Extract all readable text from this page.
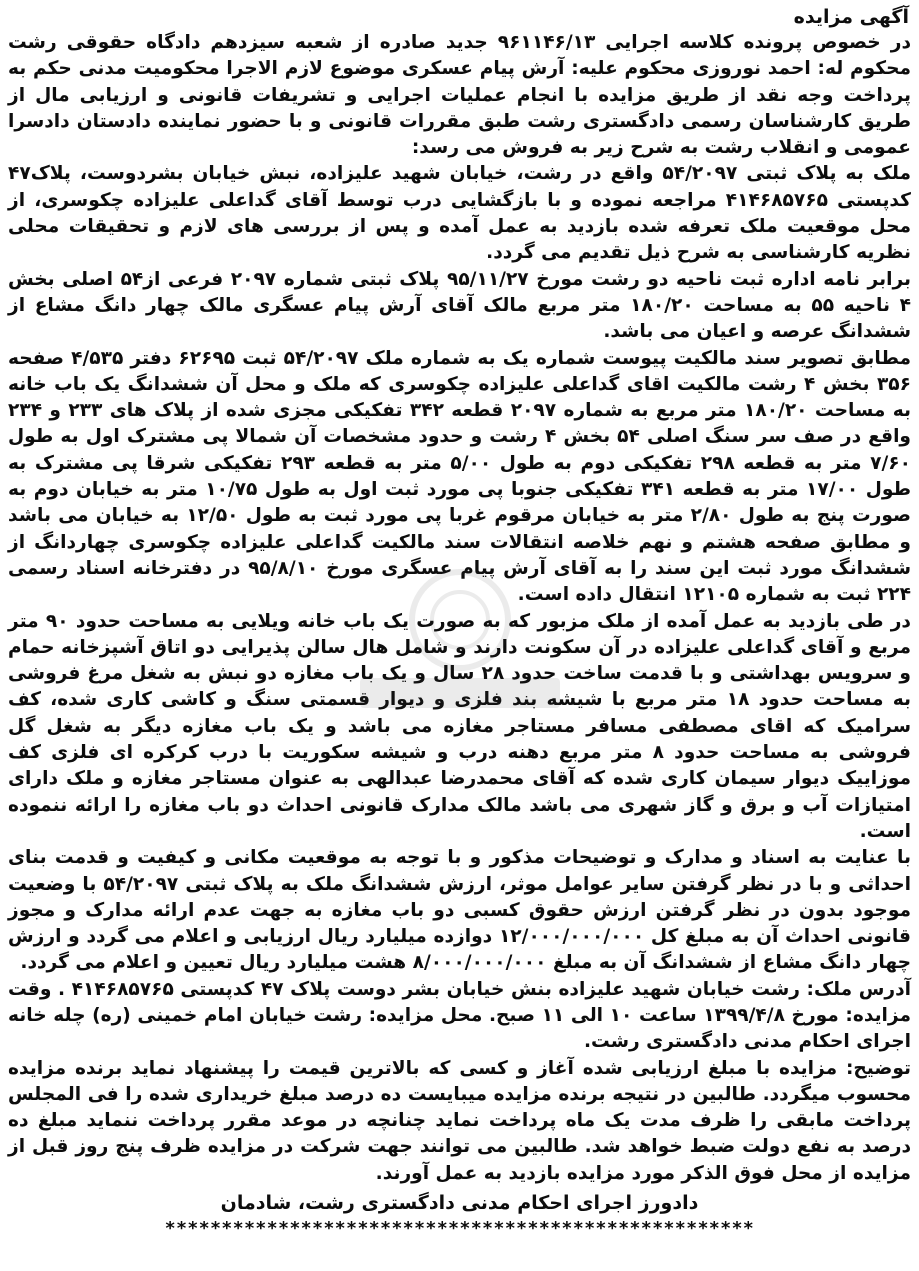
آگهی مزایده

در خصوص پرونده کلاسه اجرایی ۹۶۱۱۴۶/۱۳ جدید صادره از شعبه سیزدهم دادگاه حقوقی رشت محکوم له: احمد نوروزی محکوم علیه: آرش پیام عسکری موضوع لازم الاجرا محکومیت مدنی حکم به پرداخت وجه نقد از طریق مزایده با انجام عملیات اجرایی و تشریفات قانونی و ارزیابی مال از طریق کارشناسان رسمی دادگستری رشت طبق مقررات قانونی و با حضور نماینده دادستان دادسرا عمومی و انقلاب رشت به شرح زیر به فروش می رسد:

ملک به پلاک ثبتی ۵۴/۲۰۹۷ واقع در رشت، خیابان شهید علیزاده، نبش خیابان بشردوست، پلاک۴۷ کدپستی ۴۱۴۶۸۵۷۶۵ مراجعه نموده و با بازگشایی درب توسط آقای گداعلی علیزاده چکوسری، از محل موقعیت ملک تعرفه شده بازدید به عمل آمده و پس از بررسی های لازم و تحقیقات محلی نظریه کارشناسی به شرح ذیل تقدیم می گردد.

برابر نامه اداره ثبت ناحیه دو رشت مورخ ۹۵/۱۱/۲۷ پلاک ثبتی شماره ۲۰۹۷ فرعی از۵۴ اصلی بخش ۴ ناحیه ۵۵ به مساحت ۱۸۰/۲۰ متر مربع مالک آقای آرش پیام عسگری مالک چهار دانگ مشاع از ششدانگ عرصه و اعیان می باشد.

مطابق تصویر سند مالکیت پیوست شماره یک به شماره ملک ۵۴/۲۰۹۷ ثبت ۶۲۶۹۵ دفتر ۴/۵۳۵ صفحه ۳۵۶ بخش ۴ رشت مالکیت اقای گداعلی علیزاده چکوسری که ملک و محل آن ششدانگ یک باب خانه به مساحت ۱۸۰/۲۰ متر مربع به شماره ۲۰۹۷ قطعه ۳۴۲ تفکیکی مجزی شده از پلاک های ۲۳۳ و ۲۳۴ واقع در صف سر سنگ اصلی ۵۴ بخش ۴ رشت و حدود مشخصات آن شمالا پی مشترک اول به طول ۷/۶۰ متر به قطعه ۲۹۸ تفکیکی دوم به طول ۵/۰۰ متر به قطعه ۲۹۳ تفکیکی شرقا پی مشترک به طول ۱۷/۰۰ متر به قطعه ۳۴۱ تفکیکی جنوبا پی مورد ثبت اول به طول ۱۰/۷۵ متر به خیابان دوم به صورت پنج به طول ۲/۸۰ متر به خیابان مرقوم غربا پی مورد ثبت به طول ۱۲/۵۰ به خیابان می باشد و مطابق صفحه هشتم و نهم خلاصه انتقالات سند مالکیت گداعلی علیزاده چکوسری چهاردانگ از ششدانگ مورد ثبت این سند را به آقای آرش پیام عسگری مورخ ۹۵/۸/۱۰ در دفترخانه اسناد رسمی ۲۲۴ ثبت به شماره ۱۲۱۰۵ انتقال داده است.

در طی بازدید به عمل آمده از ملک مزبور که به صورت یک باب خانه ویلایی به مساحت حدود ۹۰ متر مربع و آقای گداعلی علیزاده در آن سکونت دارند و شامل هال سالن پذیرایی دو اتاق آشپزخانه حمام و سرویس بهداشتی و با قدمت ساخت حدود ۲۸ سال و یک باب مغازه دو نبش به شغل مرغ فروشی به مساحت حدود ۱۸ متر مربع با شیشه بند فلزی و دیوار قسمتی سنگ و کاشی کاری شده، کف سرامیک که اقای مصطفی مسافر مستاجر مغازه می باشد و یک باب مغازه دیگر به شغل گل فروشی به مساحت حدود ۸ متر مربع دهنه درب و شیشه سکوریت با درب کرکره ای فلزی کف موزاییک دیوار سیمان کاری شده که آقای محمدرضا عبدالهی به عنوان مستاجر مغازه و ملک دارای امتیازات آب و برق و گاز شهری می باشد مالک مدارک قانونی احداث دو باب مغازه را ارائه ننموده است.

با عنایت به اسناد و مدارک و توضیحات مذکور و با توجه به موقعیت مکانی و کیفیت و قدمت بنای احداثی و با در نظر گرفتن سایر عوامل موثر، ارزش ششدانگ ملک به پلاک ثبتی ۵۴/۲۰۹۷ با وضعیت موجود بدون در نظر گرفتن ارزش حقوق کسبی دو باب مغازه به جهت عدم ارائه مدارک و مجوز قانونی احداث آن به مبلغ کل ۱۲/۰۰۰/۰۰۰/۰۰۰ دوازده میلیارد ریال ارزیابی و اعلام می گردد و ارزش چهار دانگ مشاع از ششدانگ آن به مبلغ ۸/۰۰۰/۰۰۰/۰۰۰ هشت میلیارد ریال تعیین و اعلام می گردد.

آدرس ملک: رشت خیابان شهید علیزاده بنش خیابان بشر دوست پلاک ۴۷ کدپستی ۴۱۴۶۸۵۷۶۵ . وقت مزایده: مورخ ۱۳۹۹/۴/۸ ساعت ۱۰ الی ۱۱ صبح. محل مزایده: رشت خیابان امام خمینی (ره) چله خانه اجرای احکام مدنی دادگستری رشت.

توضیح: مزایده با مبلغ ارزیابی شده آغاز و کسی که بالاترین قیمت را پیشنهاد نماید برنده مزایده محسوب میگردد. طالبین در نتیجه برنده مزایده میبایست ده درصد مبلغ خریداری شده را فی المجلس پرداخت مابقی را ظرف مدت یک ماه پرداخت نماید چنانچه در موعد مقرر پرداخت ننماید مبلغ ده درصد به نفع دولت ضبط خواهد شد. طالبین می توانند جهت شرکت در مزایده ظرف پنج روز قبل از مزایده از محل فوق الذکر مورد مزایده بازدید به عمل آورند.

دادورز اجرای احکام مدنی دادگستری رشت، شادمان
****************************************************
